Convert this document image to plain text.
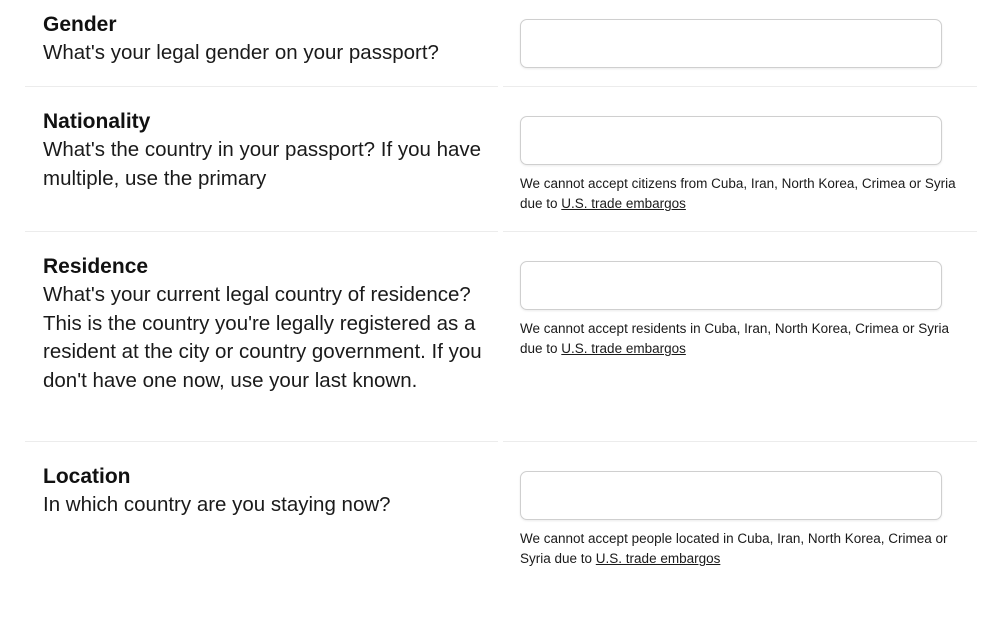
Gender

What's your legal gender on your passport?

Nationality

What's the country in your passport? If you have multiple, use the primary	We cannot accept citizens from Cuba, Iran, North Korea, Crimea or Syria due to U.S. trade embargos

Residence

What's your current legal country of residence? This is the country you're legally registered as a resident at the city or country government. If you don't have one now, use your last known.

We cannot accept residents in Cuba, Iran, North Korea, Crimea or Syria due to U.S. trade embargos

Location

In which country are you staying now?

We cannot accept people located in Cuba, Iran, North Korea, Crimea or Syria due to U.S. trade embargos
